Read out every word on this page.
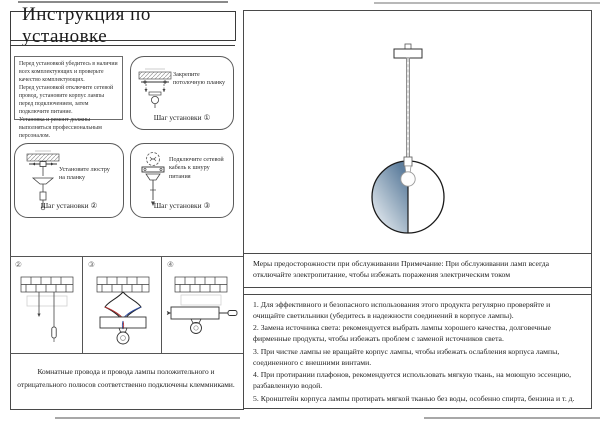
Инструкция по установке

Перед установкой убедитесь в наличии всех комплектующих и проверьте качество комплектующих.

Перед установкой отключите сетевой провод, установите корпус лампы перед подключением, затем подключите питание.

Установка и ремонт должны выполняться профессиональным персоналом.

Закрепите потолочную планку
Шаг установки ①
Установите люстру на планку
Шаг установки ②
Подключите сетевой кабель к шнуру питания
Шаг установки ③
②	③	④
Комнатные провода и провода лампы положительного и отрицательного полюсов соответственно подключены клеммниками.

Меры предосторожности при обслуживании Примечание: При обслуживании ламп всегда отключайте электропитание, чтобы избежать поражения электрическим током

1. Для эффективного и безопасного использования этого продукта регулярно проверяйте и очищайте светильники (убедитесь в надежности соединений в корпусе лампы).

2. Замена источника света: рекомендуется выбрать лампы хорошего качества, долговечные фирменные продукты, чтобы избежать проблем с заменой источников света.

3. При чистке лампы не вращайте корпус лампы, чтобы избежать ослабления корпуса лампы, соединенного с внешними винтами.

4. При протирании плафонов, рекомендуется использовать мягкую ткань, на моющую эссенцию, разбавленную водой.

5. Кронштейн корпуса лампы протирать мягкой тканью без воды, особенно спирта, бензина и т. д.
